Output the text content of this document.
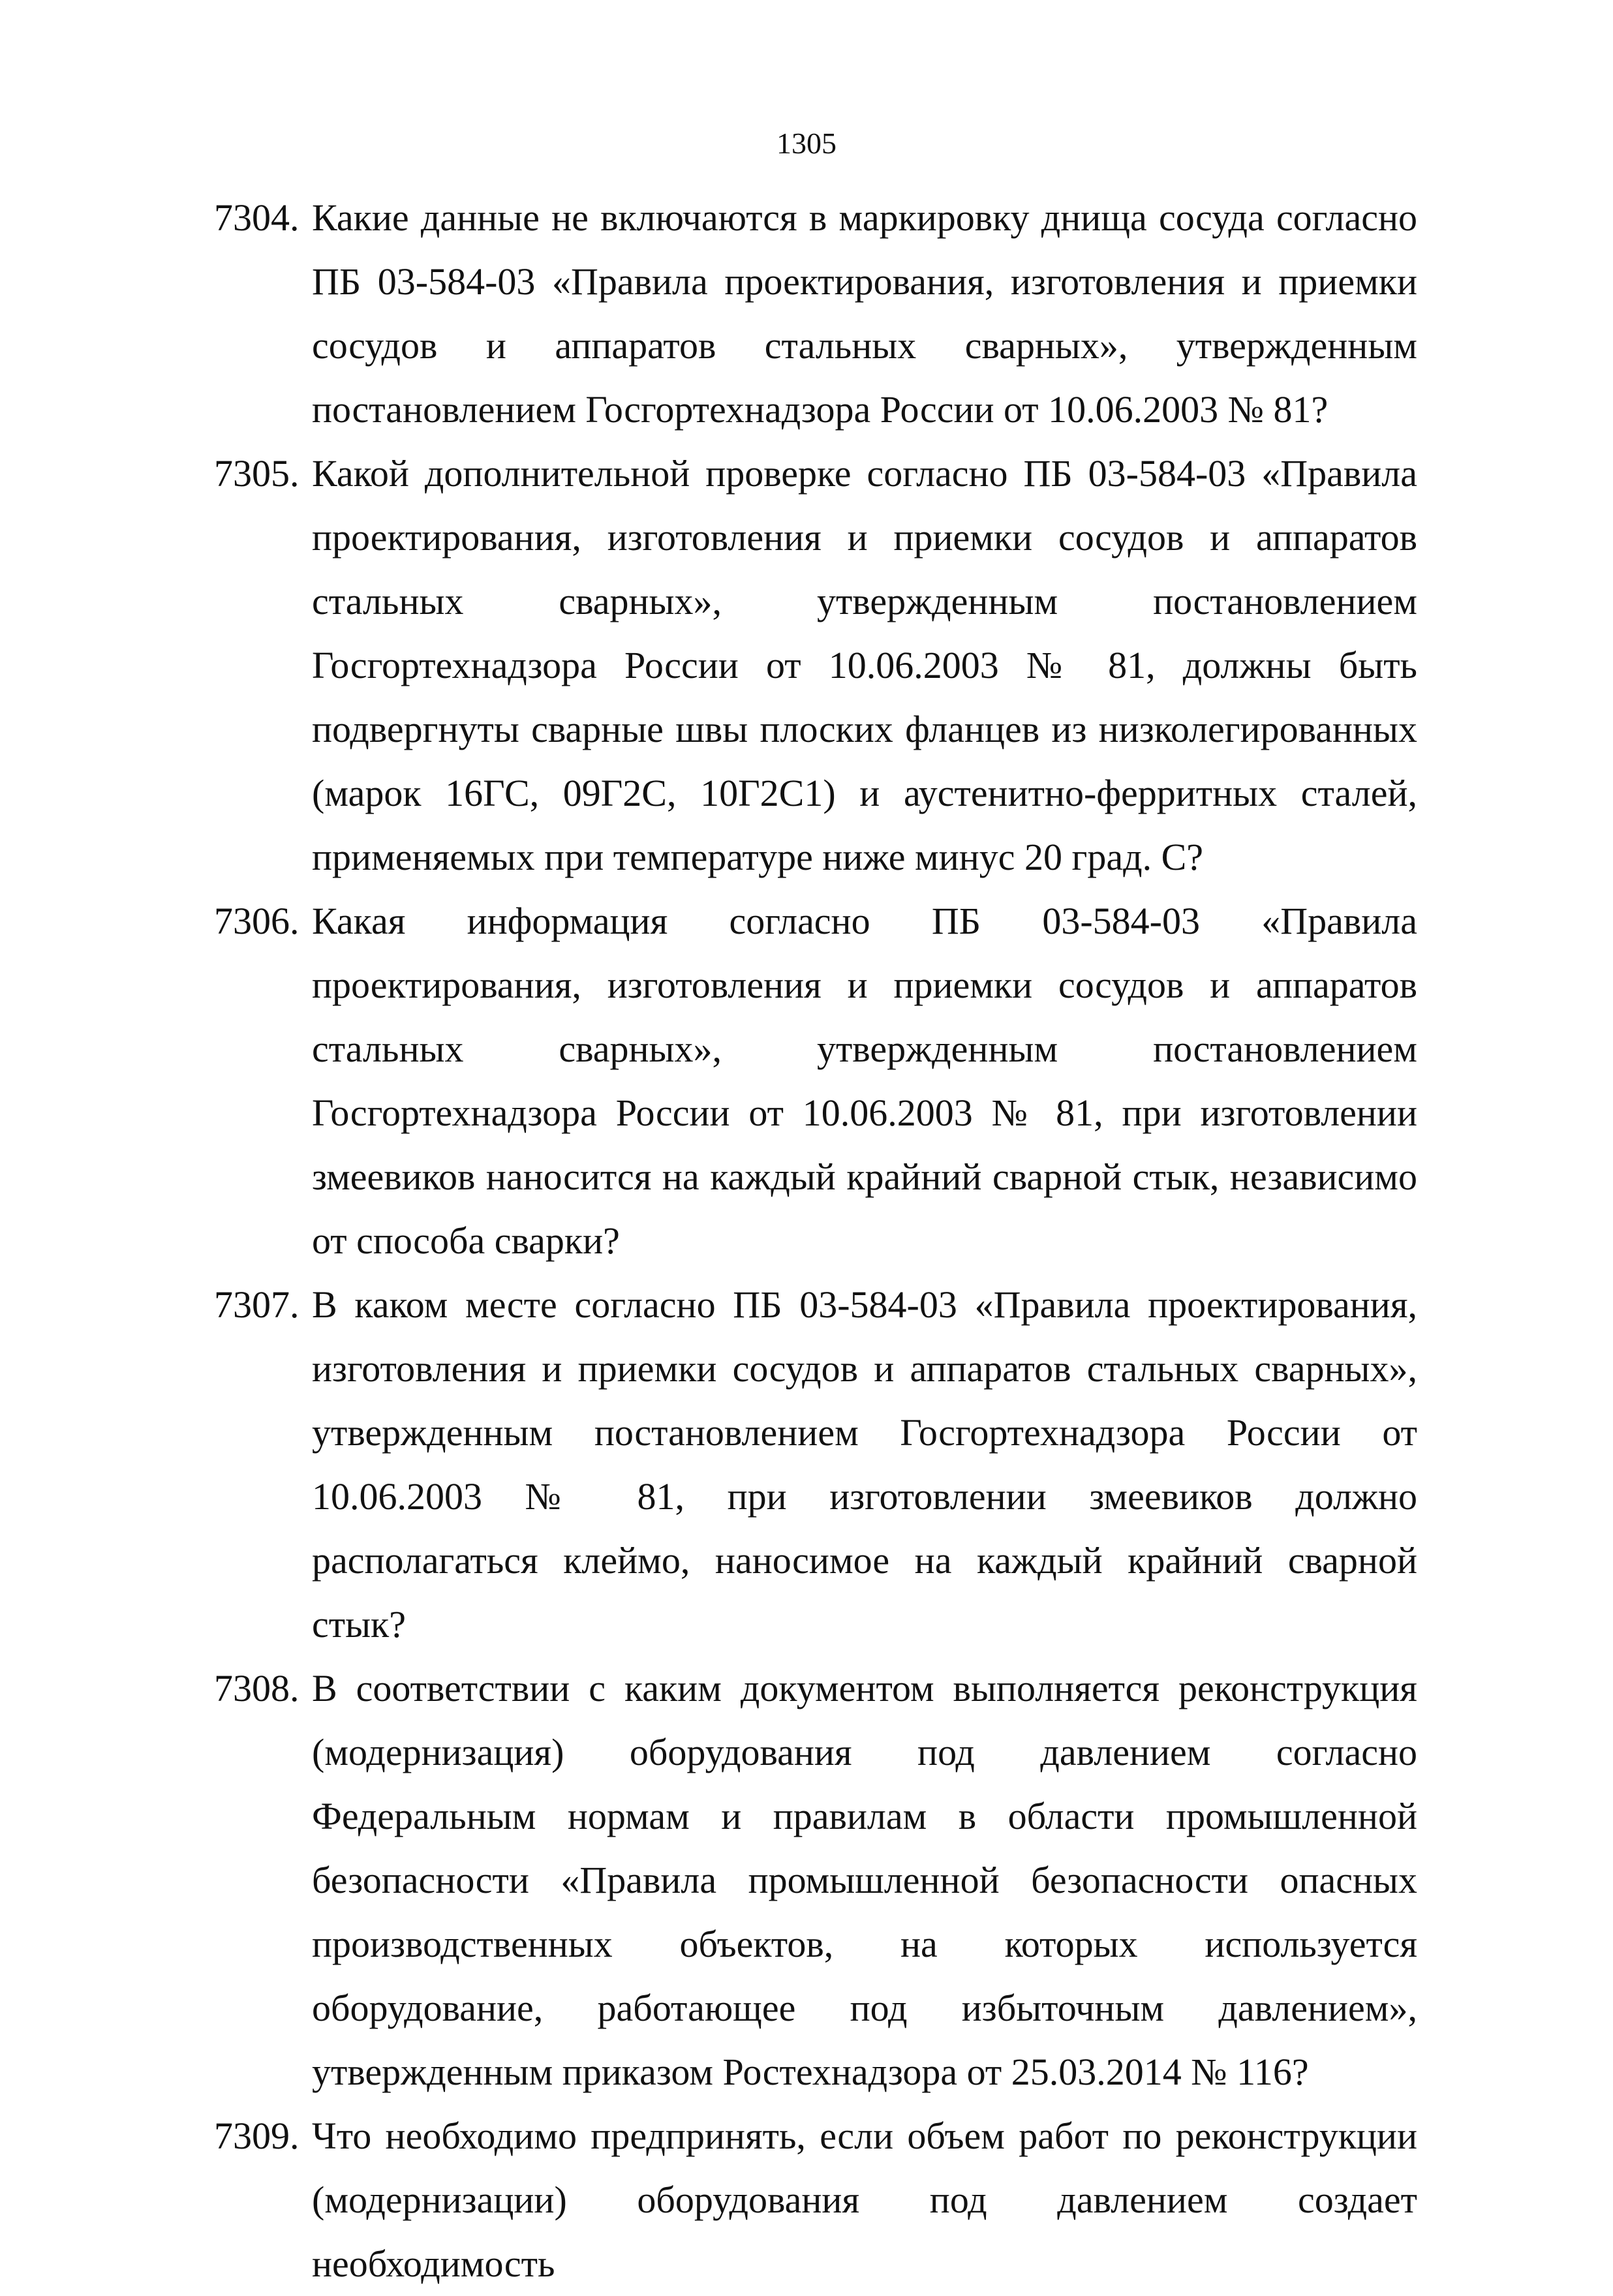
1305
7304. Какие данные не включаются в маркировку днища сосуда согласно ПБ 03-584-03 «Правила проектирования, изготовления и приемки сосудов и аппаратов стальных сварных», утвержденным постановлением Госгортехнадзора России от 10.06.2003 № 81?
7305. Какой дополнительной проверке согласно ПБ 03-584-03 «Правила проектирования, изготовления и приемки сосудов и аппаратов стальных сварных», утвержденным постановлением Госгортехнадзора России от 10.06.2003 № 81, должны быть подвергнуты сварные швы плоских фланцев из низколегированных (марок 16ГС, 09Г2С, 10Г2С1) и аустенитно-ферритных сталей, применяемых при температуре ниже минус 20 град. С?
7306. Какая информация согласно ПБ 03-584-03 «Правила проектирования, изготовления и приемки сосудов и аппаратов стальных сварных», утвержденным постановлением Госгортехнадзора России от 10.06.2003 № 81, при изготовлении змеевиков наносится на каждый крайний сварной стык, независимо от способа сварки?
7307. В каком месте согласно ПБ 03-584-03 «Правила проектирования, изготовления и приемки сосудов и аппаратов стальных сварных», утвержденным постановлением Госгортехнадзора России от 10.06.2003 № 81, при изготовлении змеевиков должно располагаться клеймо, наносимое на каждый крайний сварной стык?
7308. В соответствии с каким документом выполняется реконструкция (модернизация) оборудования под давлением согласно Федеральным нормам и правилам в области промышленной безопасности «Правила промышленной безопасности опасных производственных объектов, на которых используется оборудование, работающее под избыточным давлением», утвержденным приказом Ростехнадзора от 25.03.2014 № 116?
7309. Что необходимо предпринять, если объем работ по реконструкции (модернизации) оборудования под давлением создает необходимость
